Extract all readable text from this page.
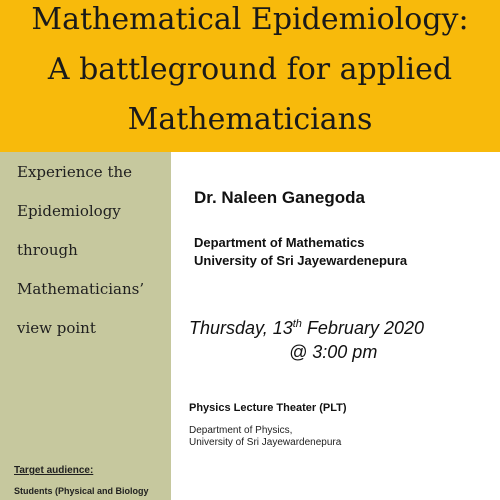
Mathematical Epidemiology:
A battleground for applied
Mathematicians
Experience the
Epidemiology
through
Mathematicians’
view point
Target audience:
Students (Physical and Biology
Dr. Naleen Ganegoda
Department of Mathematics
University of Sri Jayewardenepura
Thursday, 13th February 2020
@ 3:00 pm
Physics Lecture Theater (PLT)
Department of Physics,
University of Sri Jayewardenepura
